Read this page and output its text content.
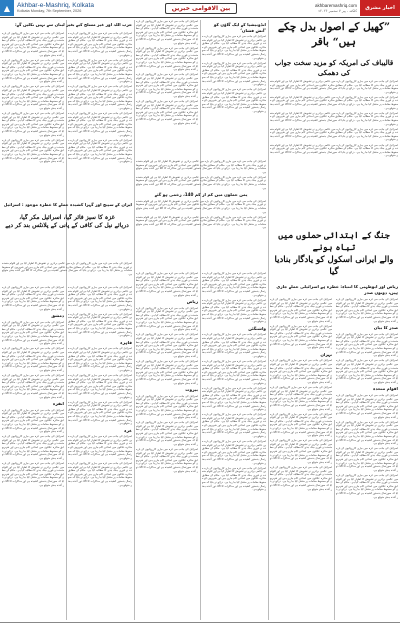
▲	Akhbar-e-Mashriq, Kolkata
Kolkata Monday, 7th September, 2026	بین الاقوامی خبریں	akhbaremashriq.com
کلکتہ ، پیر ۷ ستمبر ۲۰۲۶ء	اخبار مشرق
”کھیل کے اصول بدل چکے ہیں“ باقر
قالیباف کی امریکہ کو مزید سخت جواب کی دھمکی

اسرائیل کی جانب سے غزہ میں جاری کارروائیوں کے بارے میں عالمی برادری نے تشویش کا اظہار کیا ہے اور اقوام متحدہ نے فوری جنگ بندی کا مطالبہ کیا ہے۔ حکام کے مطابق متاثرہ علاقوں میں امدادی کام جاری ہیں اور شہریوں کو محفوظ مقامات پر منتقل کیا جا رہا ہے۔ ذرائع نے بتایا کہ صورتحال بدستور کشیدہ ہے اور مذاکرات کا اگلا دور آئندہ ہفتے متوقع ہے۔

اسرائیل کی جانب سے غزہ میں جاری کارروائیوں کے بارے میں عالمی برادری نے تشویش کا اظہار کیا ہے اور اقوام متحدہ نے فوری جنگ بندی کا مطالبہ کیا ہے۔ حکام کے مطابق متاثرہ علاقوں میں امدادی کام جاری ہیں اور شہریوں کو محفوظ مقامات پر منتقل کیا جا رہا ہے۔ ذرائع نے بتایا کہ صورتحال بدستور کشیدہ ہے اور مذاکرات کا اگلا دور آئندہ ہفتے متوقع ہے۔

اسرائیل کی جانب سے غزہ میں جاری کارروائیوں کے بارے میں عالمی برادری نے تشویش کا اظہار کیا ہے اور اقوام متحدہ نے فوری جنگ بندی کا مطالبہ کیا ہے۔ حکام کے مطابق متاثرہ علاقوں میں امدادی کام جاری ہیں اور شہریوں کو محفوظ مقامات پر منتقل کیا جا رہا ہے۔ ذرائع نے بتایا کہ صورتحال بدستور کشیدہ ہے اور مذاکرات کا اگلا دور آئندہ ہفتے متوقع ہے۔

اسرائیل کی جانب سے غزہ میں جاری کارروائیوں کے بارے میں عالمی برادری نے تشویش کا اظہار کیا ہے اور اقوام متحدہ نے فوری جنگ بندی کا مطالبہ کیا ہے۔ حکام کے مطابق متاثرہ علاقوں میں امدادی کام جاری ہیں اور شہریوں کو محفوظ مقامات پر منتقل کیا جا رہا ہے۔ ذرائع نے بتایا کہ صورتحال بدستور کشیدہ ہے اور مذاکرات کا اگلا دور آئندہ ہفتے متوقع ہے۔

اسرائیل کی جانب سے غزہ میں جاری کارروائیوں کے بارے میں عالمی برادری نے تشویش کا اظہار کیا ہے اور اقوام متحدہ نے فوری جنگ بندی کا مطالبہ کیا ہے۔ حکام کے مطابق متاثرہ علاقوں میں امدادی کام جاری ہیں اور شہریوں کو محفوظ مقامات پر منتقل کیا جا رہا ہے۔ ذرائع نے بتایا کہ صورتحال بدستور کشیدہ ہے اور مذاکرات کا اگلا دور آئندہ ہفتے متوقع ہے۔

جنگ کے ابتدائی حملوں میں تباہ ہونے
والے ایرانی اسکول کو یادگار بنادیا گیا
اںڈونیشیا کے ایک گاؤں کو ’آتش فشاں‘

اسرائیل کی جانب سے غزہ میں جاری کارروائیوں کے بارے میں عالمی برادری نے تشویش کا اظہار کیا ہے اور اقوام متحدہ نے فوری جنگ بندی کا مطالبہ کیا ہے۔ حکام کے مطابق متاثرہ علاقوں میں امدادی کام جاری ہیں اور شہریوں کو محفوظ مقامات پر منتقل کیا جا رہا ہے۔ ذرائع نے بتایا کہ صورتحال بدستور کشیدہ ہے اور مذاکرات کا اگلا دور آئندہ ہفتے متوقع ہے۔

اسرائیل کی جانب سے غزہ میں جاری کارروائیوں کے بارے میں عالمی برادری نے تشویش کا اظہار کیا ہے اور اقوام متحدہ نے فوری جنگ بندی کا مطالبہ کیا ہے۔ حکام کے مطابق متاثرہ علاقوں میں امدادی کام جاری ہیں اور شہریوں کو محفوظ مقامات پر منتقل کیا جا رہا ہے۔ ذرائع نے بتایا کہ صورتحال بدستور کشیدہ ہے اور مذاکرات کا اگلا دور آئندہ ہفتے متوقع ہے۔

اسرائیل کی جانب سے غزہ میں جاری کارروائیوں کے بارے میں عالمی برادری نے تشویش کا اظہار کیا ہے اور اقوام متحدہ نے فوری جنگ بندی کا مطالبہ کیا ہے۔ حکام کے مطابق متاثرہ علاقوں میں امدادی کام جاری ہیں اور شہریوں کو محفوظ مقامات پر منتقل کیا جا رہا ہے۔ ذرائع نے بتایا کہ صورتحال بدستور کشیدہ ہے اور مذاکرات کا اگلا دور آئندہ ہفتے متوقع ہے۔

اسرائیل کی جانب سے غزہ میں جاری کارروائیوں کے بارے میں عالمی برادری نے تشویش کا اظہار کیا ہے اور اقوام متحدہ نے فوری جنگ بندی کا مطالبہ کیا ہے۔ حکام کے مطابق متاثرہ علاقوں میں امدادی کام جاری ہیں اور شہریوں کو محفوظ مقامات پر منتقل کیا جا رہا ہے۔ ذرائع نے بتایا کہ صورتحال بدستور کشیدہ ہے اور مذاکرات کا اگلا دور آئندہ ہفتے متوقع ہے۔

اسرائیل کی جانب سے غزہ میں جاری کارروائیوں کے بارے میں عالمی برادری نے تشویش کا اظہار کیا ہے اور اقوام متحدہ نے فوری جنگ بندی کا مطالبہ کیا ہے۔ حکام کے مطابق متاثرہ علاقوں میں امدادی کام جاری ہیں اور شہریوں کو محفوظ مقامات پر منتقل کیا جا رہا ہے۔ ذرائع نے بتایا کہ صورتحال بدستور کشیدہ ہے اور مذاکرات کا اگلا دور آئندہ ہفتے متوقع ہے۔

اسرائیل کی جانب سے غزہ میں جاری کارروائیوں کے بارے میں عالمی برادری نے تشویش کا اظہار کیا ہے اور اقوام متحدہ نے فوری جنگ بندی کا مطالبہ کیا ہے۔ حکام کے مطابق متاثرہ علاقوں میں امدادی کام جاری ہیں اور شہریوں کو محفوظ مقامات پر منتقل کیا جا رہا ہے۔ ذرائع نے بتایا کہ صورتحال بدستور کشیدہ ہے اور مذاکرات کا اگلا دور آئندہ ہفتے متوقع ہے۔

اسرائیل کی جانب سے غزہ میں جاری کارروائیوں کے بارے میں عالمی برادری نے تشویش کا اظہار کیا ہے اور اقوام متحدہ نے فوری جنگ بندی کا مطالبہ کیا ہے۔ حکام کے مطابق متاثرہ علاقوں میں امدادی کام جاری ہیں اور شہریوں کو محفوظ مقامات پر منتقل کیا جا رہا ہے۔ ذرائع نے بتایا کہ صورتحال بدستور کشیدہ ہے اور مذاکرات کا اگلا دور آئندہ ہفتے متوقع ہے۔

اسرائیل کی جانب سے غزہ میں جاری کارروائیوں کے بارے میں عالمی برادری نے تشویش کا اظہار کیا ہے اور اقوام متحدہ نے فوری جنگ بندی کا مطالبہ کیا ہے۔ حکام کے مطابق متاثرہ علاقوں میں امدادی کام جاری ہیں اور شہریوں کو محفوظ مقامات پر منتقل کیا جا رہا ہے۔ ذرائع نے بتایا کہ صورتحال بدستور کشیدہ ہے اور مذاکرات کا اگلا دور آئندہ ہفتے متوقع ہے۔

اسرائیل کی جانب سے غزہ میں جاری کارروائیوں کے بارے میں عالمی برادری نے تشویش کا اظہار کیا ہے اور اقوام متحدہ نے فوری جنگ بندی کا مطالبہ کیا ہے۔ حکام کے مطابق متاثرہ علاقوں میں امدادی کام جاری ہیں اور شہریوں کو محفوظ مقامات پر منتقل کیا جا رہا ہے۔ ذرائع نے بتایا کہ صورتحال بدستور کشیدہ ہے اور مذاکرات کا اگلا دور آئندہ ہفتے متوقع ہے۔

یمن حملوں میں کم از کم 140، زخمی ہو گئے

اسرائیل کی جانب سے غزہ میں جاری کارروائیوں کے بارے میں عالمی برادری نے تشویش کا اظہار کیا ہے اور اقوام متحدہ نے فوری جنگ بندی کا مطالبہ کیا ہے۔ حکام کے مطابق متاثرہ علاقوں میں امدادی کام جاری ہیں اور شہریوں کو محفوظ مقامات پر منتقل کیا جا رہا ہے۔ ذرائع نے بتایا کہ صورتحال بدستور کشیدہ ہے اور مذاکرات کا اگلا دور آئندہ ہفتے متوقع ہے۔

اسرائیل کی جانب سے غزہ میں جاری کارروائیوں کے بارے میں عالمی برادری نے تشویش کا اظہار کیا ہے اور اقوام متحدہ نے فوری جنگ بندی کا مطالبہ کیا ہے۔ حکام کے مطابق متاثرہ علاقوں میں امدادی کام جاری ہیں اور شہریوں کو محفوظ مقامات پر منتقل کیا جا رہا ہے۔ ذرائع نے بتایا کہ صورتحال بدستور کشیدہ ہے اور مذاکرات کا اگلا دور آئندہ ہفتے متوقع ہے۔

حزب اللہ اور غیر مسلح کیے بغیر لبنان سے نہیں نکلیں گے:

اسرائیل کی جانب سے غزہ میں جاری کارروائیوں کے بارے میں عالمی برادری نے تشویش کا اظہار کیا ہے اور اقوام متحدہ نے فوری جنگ بندی کا مطالبہ کیا ہے۔ حکام کے مطابق متاثرہ علاقوں میں امدادی کام جاری ہیں اور شہریوں کو محفوظ مقامات پر منتقل کیا جا رہا ہے۔ ذرائع نے بتایا کہ صورتحال بدستور کشیدہ ہے اور مذاکرات کا اگلا دور آئندہ ہفتے متوقع ہے۔

اسرائیل کی جانب سے غزہ میں جاری کارروائیوں کے بارے میں عالمی برادری نے تشویش کا اظہار کیا ہے اور اقوام متحدہ نے فوری جنگ بندی کا مطالبہ کیا ہے۔ حکام کے مطابق متاثرہ علاقوں میں امدادی کام جاری ہیں اور شہریوں کو محفوظ مقامات پر منتقل کیا جا رہا ہے۔ ذرائع نے بتایا کہ صورتحال بدستور کشیدہ ہے اور مذاکرات کا اگلا دور آئندہ ہفتے متوقع ہے۔

اسرائیل کی جانب سے غزہ میں جاری کارروائیوں کے بارے میں عالمی برادری نے تشویش کا اظہار کیا ہے اور اقوام متحدہ نے فوری جنگ بندی کا مطالبہ کیا ہے۔ حکام کے مطابق متاثرہ علاقوں میں امدادی کام جاری ہیں اور شہریوں کو محفوظ مقامات پر منتقل کیا جا رہا ہے۔ ذرائع نے بتایا کہ صورتحال بدستور کشیدہ ہے اور مذاکرات کا اگلا دور آئندہ ہفتے متوقع ہے۔

اسرائیل کی جانب سے غزہ میں جاری کارروائیوں کے بارے میں عالمی برادری نے تشویش کا اظہار کیا ہے اور اقوام متحدہ نے فوری جنگ بندی کا مطالبہ کیا ہے۔ حکام کے مطابق متاثرہ علاقوں میں امدادی کام جاری ہیں اور شہریوں کو محفوظ مقامات پر منتقل کیا جا رہا ہے۔ ذرائع نے بتایا کہ صورتحال بدستور کشیدہ ہے اور مذاکرات کا اگلا دور آئندہ ہفتے متوقع ہے۔

اسرائیل کی جانب سے غزہ میں جاری کارروائیوں کے بارے میں عالمی برادری نے تشویش کا اظہار کیا ہے اور اقوام متحدہ نے فوری جنگ بندی کا مطالبہ کیا ہے۔ حکام کے مطابق متاثرہ علاقوں میں امدادی کام جاری ہیں اور شہریوں کو محفوظ مقامات پر منتقل کیا جا رہا ہے۔ ذرائع نے بتایا کہ صورتحال بدستور کشیدہ ہے اور مذاکرات کا اگلا دور آئندہ ہفتے متوقع ہے۔

اسرائیل کی جانب سے غزہ میں جاری کارروائیوں کے بارے میں عالمی برادری نے تشویش کا اظہار کیا ہے اور اقوام متحدہ نے فوری جنگ بندی کا مطالبہ کیا ہے۔ حکام کے مطابق متاثرہ علاقوں میں امدادی کام جاری ہیں اور شہریوں کو محفوظ مقامات پر منتقل کیا جا رہا ہے۔ ذرائع نے بتایا کہ صورتحال بدستور کشیدہ ہے اور مذاکرات کا اگلا دور آئندہ ہفتے متوقع ہے۔

اسرائیل کی جانب سے غزہ میں جاری کارروائیوں کے بارے میں عالمی برادری نے تشویش کا اظہار کیا ہے اور اقوام متحدہ نے فوری جنگ بندی کا مطالبہ کیا ہے۔ حکام کے مطابق متاثرہ علاقوں میں امدادی کام جاری ہیں اور شہریوں کو محفوظ مقامات پر منتقل کیا جا رہا ہے۔ ذرائع نے بتایا کہ صورتحال بدستور کشیدہ ہے اور مذاکرات کا اگلا دور آئندہ ہفتے متوقع ہے۔

اسرائیل کی جانب سے غزہ میں جاری کارروائیوں کے بارے میں عالمی برادری نے تشویش کا اظہار کیا ہے اور اقوام متحدہ نے فوری جنگ بندی کا مطالبہ کیا ہے۔ حکام کے مطابق متاثرہ علاقوں میں امدادی کام جاری ہیں اور شہریوں کو محفوظ مقامات پر منتقل کیا جا رہا ہے۔ ذرائع نے بتایا کہ صورتحال بدستور کشیدہ ہے اور مذاکرات کا اگلا دور آئندہ ہفتے متوقع ہے۔

اسرائیل کی جانب سے غزہ میں جاری کارروائیوں کے بارے میں عالمی برادری نے تشویش کا اظہار کیا ہے اور اقوام متحدہ نے فوری جنگ بندی کا مطالبہ کیا ہے۔ حکام کے مطابق متاثرہ علاقوں میں امدادی کام جاری ہیں اور شہریوں کو محفوظ مقامات پر منتقل کیا جا رہا ہے۔ ذرائع نے بتایا کہ صورتحال بدستور کشیدہ ہے اور مذاکرات کا اگلا دور آئندہ ہفتے متوقع ہے۔

اسرائیل کی جانب سے غزہ میں جاری کارروائیوں کے بارے میں عالمی برادری نے تشویش کا اظہار کیا ہے اور اقوام متحدہ نے فوری جنگ بندی کا مطالبہ کیا ہے۔ حکام کے مطابق متاثرہ علاقوں میں امدادی کام جاری ہیں اور شہریوں کو محفوظ مقامات پر منتقل کیا جا رہا ہے۔ ذرائع نے بتایا کہ صورتحال بدستور کشیدہ ہے اور مذاکرات کا اگلا دور آئندہ ہفتے متوقع ہے۔

ایران کے سپیچ اور گہرا کشیدہ حملے کا خطرہ موجود : اسرائیل
غزہ کا سیز فائر گیا، اسرائیل مکر گیا،
دریائے نیل کی کافی کے پانی کے پلانٹس بند کر دیے

اسرائیل کی جانب سے غزہ میں جاری کارروائیوں کے بارے میں عالمی برادری نے تشویش کا اظہار کیا ہے اور اقوام متحدہ نے فوری جنگ بندی کا مطالبہ کیا ہے۔ حکام کے مطابق متاثرہ علاقوں میں امدادی کام جاری ہیں اور شہریوں کو محفوظ مقامات پر منتقل کیا جا رہا ہے۔ ذرائع نے بتایا کہ صورتحال بدستور کشیدہ ہے اور مذاکرات کا اگلا دور آئندہ ہفتے متوقع ہے۔

ریاض اور ابوظہبی کا انتباہ: خطرہ ہے اسرائیلی حملے جاری ہیں، دونوں صدر

اسرائیل کی جانب سے غزہ میں جاری کارروائیوں کے بارے میں عالمی برادری نے تشویش کا اظہار کیا ہے اور اقوام متحدہ نے فوری جنگ بندی کا مطالبہ کیا ہے۔ حکام کے مطابق متاثرہ علاقوں میں امدادی کام جاری ہیں اور شہریوں کو محفوظ مقامات پر منتقل کیا جا رہا ہے۔ ذرائع نے بتایا کہ صورتحال بدستور کشیدہ ہے اور مذاکرات کا اگلا دور آئندہ ہفتے متوقع ہے۔

صدر کا بیان

اسرائیل کی جانب سے غزہ میں جاری کارروائیوں کے بارے میں عالمی برادری نے تشویش کا اظہار کیا ہے اور اقوام متحدہ نے فوری جنگ بندی کا مطالبہ کیا ہے۔ حکام کے مطابق متاثرہ علاقوں میں امدادی کام جاری ہیں اور شہریوں کو محفوظ مقامات پر منتقل کیا جا رہا ہے۔ ذرائع نے بتایا کہ صورتحال بدستور کشیدہ ہے اور مذاکرات کا اگلا دور آئندہ ہفتے متوقع ہے۔

اسرائیل کی جانب سے غزہ میں جاری کارروائیوں کے بارے میں عالمی برادری نے تشویش کا اظہار کیا ہے اور اقوام متحدہ نے فوری جنگ بندی کا مطالبہ کیا ہے۔ حکام کے مطابق متاثرہ علاقوں میں امدادی کام جاری ہیں اور شہریوں کو محفوظ مقامات پر منتقل کیا جا رہا ہے۔ ذرائع نے بتایا کہ صورتحال بدستور کشیدہ ہے اور مذاکرات کا اگلا دور آئندہ ہفتے متوقع ہے۔

اقوام متحدہ

اسرائیل کی جانب سے غزہ میں جاری کارروائیوں کے بارے میں عالمی برادری نے تشویش کا اظہار کیا ہے اور اقوام متحدہ نے فوری جنگ بندی کا مطالبہ کیا ہے۔ حکام کے مطابق متاثرہ علاقوں میں امدادی کام جاری ہیں اور شہریوں کو محفوظ مقامات پر منتقل کیا جا رہا ہے۔ ذرائع نے بتایا کہ صورتحال بدستور کشیدہ ہے اور مذاکرات کا اگلا دور آئندہ ہفتے متوقع ہے۔

اسرائیل کی جانب سے غزہ میں جاری کارروائیوں کے بارے میں عالمی برادری نے تشویش کا اظہار کیا ہے اور اقوام متحدہ نے فوری جنگ بندی کا مطالبہ کیا ہے۔ حکام کے مطابق متاثرہ علاقوں میں امدادی کام جاری ہیں اور شہریوں کو محفوظ مقامات پر منتقل کیا جا رہا ہے۔ ذرائع نے بتایا کہ صورتحال بدستور کشیدہ ہے اور مذاکرات کا اگلا دور آئندہ ہفتے متوقع ہے۔

اسرائیل کی جانب سے غزہ میں جاری کارروائیوں کے بارے میں عالمی برادری نے تشویش کا اظہار کیا ہے اور اقوام متحدہ نے فوری جنگ بندی کا مطالبہ کیا ہے۔ حکام کے مطابق متاثرہ علاقوں میں امدادی کام جاری ہیں اور شہریوں کو محفوظ مقامات پر منتقل کیا جا رہا ہے۔ ذرائع نے بتایا کہ صورتحال بدستور کشیدہ ہے اور مذاکرات کا اگلا دور آئندہ ہفتے متوقع ہے۔

اسرائیل کی جانب سے غزہ میں جاری کارروائیوں کے بارے میں عالمی برادری نے تشویش کا اظہار کیا ہے اور اقوام متحدہ نے فوری جنگ بندی کا مطالبہ کیا ہے۔ حکام کے مطابق متاثرہ علاقوں میں امدادی کام جاری ہیں اور شہریوں کو محفوظ مقامات پر منتقل کیا جا رہا ہے۔ ذرائع نے بتایا کہ صورتحال بدستور کشیدہ ہے اور مذاکرات کا اگلا دور آئندہ ہفتے متوقع ہے۔

اسرائیل کی جانب سے غزہ میں جاری کارروائیوں کے بارے میں عالمی برادری نے تشویش کا اظہار کیا ہے اور اقوام متحدہ نے فوری جنگ بندی کا مطالبہ کیا ہے۔ حکام کے مطابق متاثرہ علاقوں میں امدادی کام جاری ہیں اور شہریوں کو محفوظ مقامات پر منتقل کیا جا رہا ہے۔ ذرائع نے بتایا کہ صورتحال بدستور کشیدہ ہے اور مذاکرات کا اگلا دور آئندہ ہفتے متوقع ہے۔

اسرائیل کی جانب سے غزہ میں جاری کارروائیوں کے بارے میں عالمی برادری نے تشویش کا اظہار کیا ہے اور اقوام متحدہ نے فوری جنگ بندی کا مطالبہ کیا ہے۔ حکام کے مطابق متاثرہ علاقوں میں امدادی کام جاری ہیں اور شہریوں کو محفوظ مقامات پر منتقل کیا جا رہا ہے۔ ذرائع نے بتایا کہ صورتحال بدستور کشیدہ ہے اور مذاکرات کا اگلا دور آئندہ ہفتے متوقع ہے۔

تہران

اسرائیل کی جانب سے غزہ میں جاری کارروائیوں کے بارے میں عالمی برادری نے تشویش کا اظہار کیا ہے اور اقوام متحدہ نے فوری جنگ بندی کا مطالبہ کیا ہے۔ حکام کے مطابق متاثرہ علاقوں میں امدادی کام جاری ہیں اور شہریوں کو محفوظ مقامات پر منتقل کیا جا رہا ہے۔ ذرائع نے بتایا کہ صورتحال بدستور کشیدہ ہے اور مذاکرات کا اگلا دور آئندہ ہفتے متوقع ہے۔

اسرائیل کی جانب سے غزہ میں جاری کارروائیوں کے بارے میں عالمی برادری نے تشویش کا اظہار کیا ہے اور اقوام متحدہ نے فوری جنگ بندی کا مطالبہ کیا ہے۔ حکام کے مطابق متاثرہ علاقوں میں امدادی کام جاری ہیں اور شہریوں کو محفوظ مقامات پر منتقل کیا جا رہا ہے۔ ذرائع نے بتایا کہ صورتحال بدستور کشیدہ ہے اور مذاکرات کا اگلا دور آئندہ ہفتے متوقع ہے۔

اسرائیل کی جانب سے غزہ میں جاری کارروائیوں کے بارے میں عالمی برادری نے تشویش کا اظہار کیا ہے اور اقوام متحدہ نے فوری جنگ بندی کا مطالبہ کیا ہے۔ حکام کے مطابق متاثرہ علاقوں میں امدادی کام جاری ہیں اور شہریوں کو محفوظ مقامات پر منتقل کیا جا رہا ہے۔ ذرائع نے بتایا کہ صورتحال بدستور کشیدہ ہے اور مذاکرات کا اگلا دور آئندہ ہفتے متوقع ہے۔

اسرائیل کی جانب سے غزہ میں جاری کارروائیوں کے بارے میں عالمی برادری نے تشویش کا اظہار کیا ہے اور اقوام متحدہ نے فوری جنگ بندی کا مطالبہ کیا ہے۔ حکام کے مطابق متاثرہ علاقوں میں امدادی کام جاری ہیں اور شہریوں کو محفوظ مقامات پر منتقل کیا جا رہا ہے۔ ذرائع نے بتایا کہ صورتحال بدستور کشیدہ ہے اور مذاکرات کا اگلا دور آئندہ ہفتے متوقع ہے۔

اسرائیل کی جانب سے غزہ میں جاری کارروائیوں کے بارے میں عالمی برادری نے تشویش کا اظہار کیا ہے اور اقوام متحدہ نے فوری جنگ بندی کا مطالبہ کیا ہے۔ حکام کے مطابق متاثرہ علاقوں میں امدادی کام جاری ہیں اور شہریوں کو محفوظ مقامات پر منتقل کیا جا رہا ہے۔ ذرائع نے بتایا کہ صورتحال بدستور کشیدہ ہے اور مذاکرات کا اگلا دور آئندہ ہفتے متوقع ہے۔

اسرائیل کی جانب سے غزہ میں جاری کارروائیوں کے بارے میں عالمی برادری نے تشویش کا اظہار کیا ہے اور اقوام متحدہ نے فوری جنگ بندی کا مطالبہ کیا ہے۔ حکام کے مطابق متاثرہ علاقوں میں امدادی کام جاری ہیں اور شہریوں کو محفوظ مقامات پر منتقل کیا جا رہا ہے۔ ذرائع نے بتایا کہ صورتحال بدستور کشیدہ ہے اور مذاکرات کا اگلا دور آئندہ ہفتے متوقع ہے۔

اسرائیل کی جانب سے غزہ میں جاری کارروائیوں کے بارے میں عالمی برادری نے تشویش کا اظہار کیا ہے اور اقوام متحدہ نے فوری جنگ بندی کا مطالبہ کیا ہے۔ حکام کے مطابق متاثرہ علاقوں میں امدادی کام جاری ہیں اور شہریوں کو محفوظ مقامات پر منتقل کیا جا رہا ہے۔ ذرائع نے بتایا کہ صورتحال بدستور کشیدہ ہے اور مذاکرات کا اگلا دور آئندہ ہفتے متوقع ہے۔

واشنگٹن

اسرائیل کی جانب سے غزہ میں جاری کارروائیوں کے بارے میں عالمی برادری نے تشویش کا اظہار کیا ہے اور اقوام متحدہ نے فوری جنگ بندی کا مطالبہ کیا ہے۔ حکام کے مطابق متاثرہ علاقوں میں امدادی کام جاری ہیں اور شہریوں کو محفوظ مقامات پر منتقل کیا جا رہا ہے۔ ذرائع نے بتایا کہ صورتحال بدستور کشیدہ ہے اور مذاکرات کا اگلا دور آئندہ ہفتے متوقع ہے۔

اسرائیل کی جانب سے غزہ میں جاری کارروائیوں کے بارے میں عالمی برادری نے تشویش کا اظہار کیا ہے اور اقوام متحدہ نے فوری جنگ بندی کا مطالبہ کیا ہے۔ حکام کے مطابق متاثرہ علاقوں میں امدادی کام جاری ہیں اور شہریوں کو محفوظ مقامات پر منتقل کیا جا رہا ہے۔ ذرائع نے بتایا کہ صورتحال بدستور کشیدہ ہے اور مذاکرات کا اگلا دور آئندہ ہفتے متوقع ہے۔

اسرائیل کی جانب سے غزہ میں جاری کارروائیوں کے بارے میں عالمی برادری نے تشویش کا اظہار کیا ہے اور اقوام متحدہ نے فوری جنگ بندی کا مطالبہ کیا ہے۔ حکام کے مطابق متاثرہ علاقوں میں امدادی کام جاری ہیں اور شہریوں کو محفوظ مقامات پر منتقل کیا جا رہا ہے۔ ذرائع نے بتایا کہ صورتحال بدستور کشیدہ ہے اور مذاکرات کا اگلا دور آئندہ ہفتے متوقع ہے۔

اسرائیل کی جانب سے غزہ میں جاری کارروائیوں کے بارے میں عالمی برادری نے تشویش کا اظہار کیا ہے اور اقوام متحدہ نے فوری جنگ بندی کا مطالبہ کیا ہے۔ حکام کے مطابق متاثرہ علاقوں میں امدادی کام جاری ہیں اور شہریوں کو محفوظ مقامات پر منتقل کیا جا رہا ہے۔ ذرائع نے بتایا کہ صورتحال بدستور کشیدہ ہے اور مذاکرات کا اگلا دور آئندہ ہفتے متوقع ہے۔

اسرائیل کی جانب سے غزہ میں جاری کارروائیوں کے بارے میں عالمی برادری نے تشویش کا اظہار کیا ہے اور اقوام متحدہ نے فوری جنگ بندی کا مطالبہ کیا ہے۔ حکام کے مطابق متاثرہ علاقوں میں امدادی کام جاری ہیں اور شہریوں کو محفوظ مقامات پر منتقل کیا جا رہا ہے۔ ذرائع نے بتایا کہ صورتحال بدستور کشیدہ ہے اور مذاکرات کا اگلا دور آئندہ ہفتے متوقع ہے۔

اسرائیل کی جانب سے غزہ میں جاری کارروائیوں کے بارے میں عالمی برادری نے تشویش کا اظہار کیا ہے اور اقوام متحدہ نے فوری جنگ بندی کا مطالبہ کیا ہے۔ حکام کے مطابق متاثرہ علاقوں میں امدادی کام جاری ہیں اور شہریوں کو محفوظ مقامات پر منتقل کیا جا رہا ہے۔ ذرائع نے بتایا کہ صورتحال بدستور کشیدہ ہے اور مذاکرات کا اگلا دور آئندہ ہفتے متوقع ہے۔

اسرائیل کی جانب سے غزہ میں جاری کارروائیوں کے بارے میں عالمی برادری نے تشویش کا اظہار کیا ہے اور اقوام متحدہ نے فوری جنگ بندی کا مطالبہ کیا ہے۔ حکام کے مطابق متاثرہ علاقوں میں امدادی کام جاری ہیں اور شہریوں کو محفوظ مقامات پر منتقل کیا جا رہا ہے۔ ذرائع نے بتایا کہ صورتحال بدستور کشیدہ ہے اور مذاکرات کا اگلا دور آئندہ ہفتے متوقع ہے۔

ریاض

اسرائیل کی جانب سے غزہ میں جاری کارروائیوں کے بارے میں عالمی برادری نے تشویش کا اظہار کیا ہے اور اقوام متحدہ نے فوری جنگ بندی کا مطالبہ کیا ہے۔ حکام کے مطابق متاثرہ علاقوں میں امدادی کام جاری ہیں اور شہریوں کو محفوظ مقامات پر منتقل کیا جا رہا ہے۔ ذرائع نے بتایا کہ صورتحال بدستور کشیدہ ہے اور مذاکرات کا اگلا دور آئندہ ہفتے متوقع ہے۔

اسرائیل کی جانب سے غزہ میں جاری کارروائیوں کے بارے میں عالمی برادری نے تشویش کا اظہار کیا ہے اور اقوام متحدہ نے فوری جنگ بندی کا مطالبہ کیا ہے۔ حکام کے مطابق متاثرہ علاقوں میں امدادی کام جاری ہیں اور شہریوں کو محفوظ مقامات پر منتقل کیا جا رہا ہے۔ ذرائع نے بتایا کہ صورتحال بدستور کشیدہ ہے اور مذاکرات کا اگلا دور آئندہ ہفتے متوقع ہے۔

اسرائیل کی جانب سے غزہ میں جاری کارروائیوں کے بارے میں عالمی برادری نے تشویش کا اظہار کیا ہے اور اقوام متحدہ نے فوری جنگ بندی کا مطالبہ کیا ہے۔ حکام کے مطابق متاثرہ علاقوں میں امدادی کام جاری ہیں اور شہریوں کو محفوظ مقامات پر منتقل کیا جا رہا ہے۔ ذرائع نے بتایا کہ صورتحال بدستور کشیدہ ہے اور مذاکرات کا اگلا دور آئندہ ہفتے متوقع ہے۔

بیروت

اسرائیل کی جانب سے غزہ میں جاری کارروائیوں کے بارے میں عالمی برادری نے تشویش کا اظہار کیا ہے اور اقوام متحدہ نے فوری جنگ بندی کا مطالبہ کیا ہے۔ حکام کے مطابق متاثرہ علاقوں میں امدادی کام جاری ہیں اور شہریوں کو محفوظ مقامات پر منتقل کیا جا رہا ہے۔ ذرائع نے بتایا کہ صورتحال بدستور کشیدہ ہے اور مذاکرات کا اگلا دور آئندہ ہفتے متوقع ہے۔

اسرائیل کی جانب سے غزہ میں جاری کارروائیوں کے بارے میں عالمی برادری نے تشویش کا اظہار کیا ہے اور اقوام متحدہ نے فوری جنگ بندی کا مطالبہ کیا ہے۔ حکام کے مطابق متاثرہ علاقوں میں امدادی کام جاری ہیں اور شہریوں کو محفوظ مقامات پر منتقل کیا جا رہا ہے۔ ذرائع نے بتایا کہ صورتحال بدستور کشیدہ ہے اور مذاکرات کا اگلا دور آئندہ ہفتے متوقع ہے۔

اسرائیل کی جانب سے غزہ میں جاری کارروائیوں کے بارے میں عالمی برادری نے تشویش کا اظہار کیا ہے اور اقوام متحدہ نے فوری جنگ بندی کا مطالبہ کیا ہے۔ حکام کے مطابق متاثرہ علاقوں میں امدادی کام جاری ہیں اور شہریوں کو محفوظ مقامات پر منتقل کیا جا رہا ہے۔ ذرائع نے بتایا کہ صورتحال بدستور کشیدہ ہے اور مذاکرات کا اگلا دور آئندہ ہفتے متوقع ہے۔

اسرائیل کی جانب سے غزہ میں جاری کارروائیوں کے بارے میں عالمی برادری نے تشویش کا اظہار کیا ہے اور اقوام متحدہ نے فوری جنگ بندی کا مطالبہ کیا ہے۔ حکام کے مطابق متاثرہ علاقوں میں امدادی کام جاری ہیں اور شہریوں کو محفوظ مقامات پر منتقل کیا جا رہا ہے۔ ذرائع نے بتایا کہ صورتحال بدستور کشیدہ ہے اور مذاکرات کا اگلا دور آئندہ ہفتے متوقع ہے۔

اسرائیل کی جانب سے غزہ میں جاری کارروائیوں کے بارے میں عالمی برادری نے تشویش کا اظہار کیا ہے اور اقوام متحدہ نے فوری جنگ بندی کا مطالبہ کیا ہے۔ حکام کے مطابق متاثرہ علاقوں میں امدادی کام جاری ہیں اور شہریوں کو محفوظ مقامات پر منتقل کیا جا رہا ہے۔ ذرائع نے بتایا کہ صورتحال بدستور کشیدہ ہے اور مذاکرات کا اگلا دور آئندہ ہفتے متوقع ہے۔

قاہرہ

اسرائیل کی جانب سے غزہ میں جاری کارروائیوں کے بارے میں عالمی برادری نے تشویش کا اظہار کیا ہے اور اقوام متحدہ نے فوری جنگ بندی کا مطالبہ کیا ہے۔ حکام کے مطابق متاثرہ علاقوں میں امدادی کام جاری ہیں اور شہریوں کو محفوظ مقامات پر منتقل کیا جا رہا ہے۔ ذرائع نے بتایا کہ صورتحال بدستور کشیدہ ہے اور مذاکرات کا اگلا دور آئندہ ہفتے متوقع ہے۔

اسرائیل کی جانب سے غزہ میں جاری کارروائیوں کے بارے میں عالمی برادری نے تشویش کا اظہار کیا ہے اور اقوام متحدہ نے فوری جنگ بندی کا مطالبہ کیا ہے۔ حکام کے مطابق متاثرہ علاقوں میں امدادی کام جاری ہیں اور شہریوں کو محفوظ مقامات پر منتقل کیا جا رہا ہے۔ ذرائع نے بتایا کہ صورتحال بدستور کشیدہ ہے اور مذاکرات کا اگلا دور آئندہ ہفتے متوقع ہے۔

اسرائیل کی جانب سے غزہ میں جاری کارروائیوں کے بارے میں عالمی برادری نے تشویش کا اظہار کیا ہے اور اقوام متحدہ نے فوری جنگ بندی کا مطالبہ کیا ہے۔ حکام کے مطابق متاثرہ علاقوں میں امدادی کام جاری ہیں اور شہریوں کو محفوظ مقامات پر منتقل کیا جا رہا ہے۔ ذرائع نے بتایا کہ صورتحال بدستور کشیدہ ہے اور مذاکرات کا اگلا دور آئندہ ہفتے متوقع ہے۔

غزہ

اسرائیل کی جانب سے غزہ میں جاری کارروائیوں کے بارے میں عالمی برادری نے تشویش کا اظہار کیا ہے اور اقوام متحدہ نے فوری جنگ بندی کا مطالبہ کیا ہے۔ حکام کے مطابق متاثرہ علاقوں میں امدادی کام جاری ہیں اور شہریوں کو محفوظ مقامات پر منتقل کیا جا رہا ہے۔ ذرائع نے بتایا کہ صورتحال بدستور کشیدہ ہے اور مذاکرات کا اگلا دور آئندہ ہفتے متوقع ہے۔

اسرائیل کی جانب سے غزہ میں جاری کارروائیوں کے بارے میں عالمی برادری نے تشویش کا اظہار کیا ہے اور اقوام متحدہ نے فوری جنگ بندی کا مطالبہ کیا ہے۔ حکام کے مطابق متاثرہ علاقوں میں امدادی کام جاری ہیں اور شہریوں کو محفوظ مقامات پر منتقل کیا جا رہا ہے۔ ذرائع نے بتایا کہ صورتحال بدستور کشیدہ ہے اور مذاکرات کا اگلا دور آئندہ ہفتے متوقع ہے۔

اسرائیل کی جانب سے غزہ میں جاری کارروائیوں کے بارے میں عالمی برادری نے تشویش کا اظہار کیا ہے اور اقوام متحدہ نے فوری جنگ بندی کا مطالبہ کیا ہے۔ حکام کے مطابق متاثرہ علاقوں میں امدادی کام جاری ہیں اور شہریوں کو محفوظ مقامات پر منتقل کیا جا رہا ہے۔ ذرائع نے بتایا کہ صورتحال بدستور کشیدہ ہے اور مذاکرات کا اگلا دور آئندہ ہفتے متوقع ہے۔

دمشق

اسرائیل کی جانب سے غزہ میں جاری کارروائیوں کے بارے میں عالمی برادری نے تشویش کا اظہار کیا ہے اور اقوام متحدہ نے فوری جنگ بندی کا مطالبہ کیا ہے۔ حکام کے مطابق متاثرہ علاقوں میں امدادی کام جاری ہیں اور شہریوں کو محفوظ مقامات پر منتقل کیا جا رہا ہے۔ ذرائع نے بتایا کہ صورتحال بدستور کشیدہ ہے اور مذاکرات کا اگلا دور آئندہ ہفتے متوقع ہے۔

اسرائیل کی جانب سے غزہ میں جاری کارروائیوں کے بارے میں عالمی برادری نے تشویش کا اظہار کیا ہے اور اقوام متحدہ نے فوری جنگ بندی کا مطالبہ کیا ہے۔ حکام کے مطابق متاثرہ علاقوں میں امدادی کام جاری ہیں اور شہریوں کو محفوظ مقامات پر منتقل کیا جا رہا ہے۔ ذرائع نے بتایا کہ صورتحال بدستور کشیدہ ہے اور مذاکرات کا اگلا دور آئندہ ہفتے متوقع ہے۔

اسرائیل کی جانب سے غزہ میں جاری کارروائیوں کے بارے میں عالمی برادری نے تشویش کا اظہار کیا ہے اور اقوام متحدہ نے فوری جنگ بندی کا مطالبہ کیا ہے۔ حکام کے مطابق متاثرہ علاقوں میں امدادی کام جاری ہیں اور شہریوں کو محفوظ مقامات پر منتقل کیا جا رہا ہے۔ ذرائع نے بتایا کہ صورتحال بدستور کشیدہ ہے اور مذاکرات کا اگلا دور آئندہ ہفتے متوقع ہے۔

انقرہ

اسرائیل کی جانب سے غزہ میں جاری کارروائیوں کے بارے میں عالمی برادری نے تشویش کا اظہار کیا ہے اور اقوام متحدہ نے فوری جنگ بندی کا مطالبہ کیا ہے۔ حکام کے مطابق متاثرہ علاقوں میں امدادی کام جاری ہیں اور شہریوں کو محفوظ مقامات پر منتقل کیا جا رہا ہے۔ ذرائع نے بتایا کہ صورتحال بدستور کشیدہ ہے اور مذاکرات کا اگلا دور آئندہ ہفتے متوقع ہے۔

اسرائیل کی جانب سے غزہ میں جاری کارروائیوں کے بارے میں عالمی برادری نے تشویش کا اظہار کیا ہے اور اقوام متحدہ نے فوری جنگ بندی کا مطالبہ کیا ہے۔ حکام کے مطابق متاثرہ علاقوں میں امدادی کام جاری ہیں اور شہریوں کو محفوظ مقامات پر منتقل کیا جا رہا ہے۔ ذرائع نے بتایا کہ صورتحال بدستور کشیدہ ہے اور مذاکرات کا اگلا دور آئندہ ہفتے متوقع ہے۔

اسرائیل کی جانب سے غزہ میں جاری کارروائیوں کے بارے میں عالمی برادری نے تشویش کا اظہار کیا ہے اور اقوام متحدہ نے فوری جنگ بندی کا مطالبہ کیا ہے۔ حکام کے مطابق متاثرہ علاقوں میں امدادی کام جاری ہیں اور شہریوں کو محفوظ مقامات پر منتقل کیا جا رہا ہے۔ ذرائع نے بتایا کہ صورتحال بدستور کشیدہ ہے اور مذاکرات کا اگلا دور آئندہ ہفتے متوقع ہے۔
